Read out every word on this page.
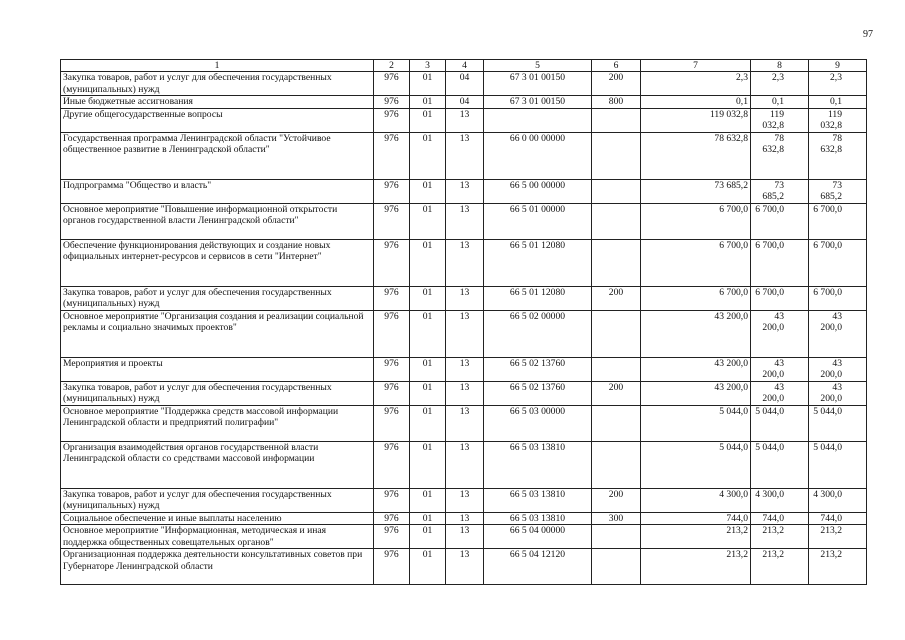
97
1	2	3	4	5	6	7	8	9
Закупка товаров, работ и услуг для обеспечения государственных (муниципальных) нужд	976	01	04	67 3 01 00150	200	2,3	2,3	2,3
Иные бюджетные ассигнования	976	01	04	67 3 01 00150	800	0,1	0,1	0,1
Другие общегосударственные вопросы	976	01	13			119 032,8	119 032,8	119 032,8
Государственная программа Ленинградской области "Устойчивое общественное развитие в Ленинградской области"	976	01	13	66 0 00 00000		78 632,8	78 632,8	78 632,8
Подпрограмма "Общество и власть"	976	01	13	66 5 00 00000		73 685,2	73 685,2	73 685,2
Основное мероприятие "Повышение информационной открытости органов государственной власти Ленинградской области"	976	01	13	66 5 01 00000		6 700,0	6 700,0	6 700,0
Обеспечение функционирования действующих и создание новых официальных интернет-ресурсов и сервисов в сети "Интернет"	976	01	13	66 5 01 12080		6 700,0	6 700,0	6 700,0
Закупка товаров, работ и услуг для обеспечения государственных (муниципальных) нужд	976	01	13	66 5 01 12080	200	6 700,0	6 700,0	6 700,0
Основное мероприятие "Организация создания и реализации социальной рекламы и социально значимых проектов"	976	01	13	66 5 02 00000		43 200,0	43 200,0	43 200,0
Мероприятия и проекты	976	01	13	66 5 02 13760		43 200,0	43 200,0	43 200,0
Закупка товаров, работ и услуг для обеспечения государственных (муниципальных) нужд	976	01	13	66 5 02 13760	200	43 200,0	43 200,0	43 200,0
Основное мероприятие "Поддержка средств массовой информации Ленинградской области и предприятий полиграфии"	976	01	13	66 5 03 00000		5 044,0	5 044,0	5 044,0
Организация взаимодействия органов государственной власти Ленинградской области со средствами массовой информации	976	01	13	66 5 03 13810		5 044,0	5 044,0	5 044,0
Закупка товаров, работ и услуг для обеспечения государственных (муниципальных) нужд	976	01	13	66 5 03 13810	200	4 300,0	4 300,0	4 300,0
Социальное обеспечение и иные выплаты населению	976	01	13	66 5 03 13810	300	744,0	744,0	744,0
Основное мероприятие "Информационная, методическая и иная поддержка общественных совещательных органов"	976	01	13	66 5 04 00000		213,2	213,2	213,2
Организационная поддержка деятельности консультативных советов при Губернаторе Ленинградской области	976	01	13	66 5 04 12120		213,2	213,2	213,2
